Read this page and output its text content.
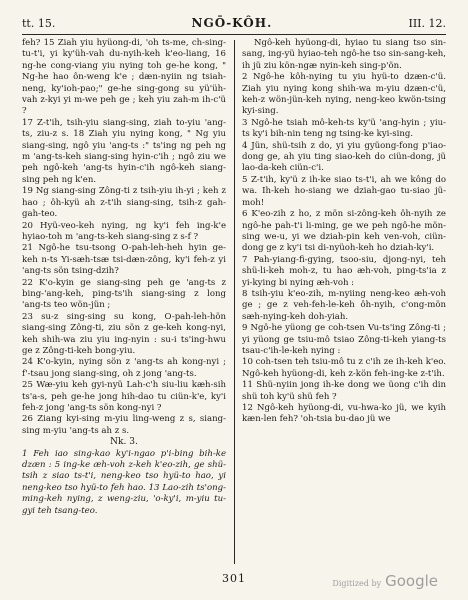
tt. 15.	NGŌ-KÔH.	III. 12.

feh? 15 Ziah yiu hyüong-di, 'oh ts-me, ch-sing-tu-t'i, yi ky'üh-vah du-nyih-keh k'eo-liang, 16 ng-he cong-viang yiu nying toh ge-he kong, " Ng-he hao ôn-weng k'e ; dæn-nyiin ng tsiah-neng, ky'ioh-pao;" ge-he sing-gong su yü'üh-vah z-kyi yi m-we peh ge ; keh yiu zah-m ih-c'ü ?

17 Z-t'ih, tsih-yiu siang-sing, ziah to-yiu 'ang-ts, ziu-z s. 18 Ziah yiu nying kong, " Ng yiu siang-sing, ngô yiu 'ang-ts :" ts'ing ng peh ng m 'ang-ts-keh siang-sing hyin-c'ih ; ngô ziu we peh ngô-keh 'ang-ts hyin-c'ih ngô-keh siang-sing peh ng k'en.

19 Ng siang-sing Zông-ti z tsih-yiu ih-yi ; keh z hao ; ôh-kyü ah z-t'ih siang-sing, tsih-z gah-gah-teo.

20 Hyü-veo-keh nying, ng ky'i feh ing-k'e hyiao-toh m 'ang-ts-keh siang-sing z s-f ?

21 Ngô-he tsu-tsong O-pah-leh-heh hyin ge-keh n-ts Yi-sæh-tsæ tsi-dæn-zông, ky'i feh-z yi 'ang-ts sön tsing-dzih?

22 K'o-kyin ge siang-sing peh ge 'ang-ts z bing-'ang-keh, ping-ts'ih siang-sing z long 'ang-ts teo wön-jün ;

23 su-z sing-sing su kong, O-pah-leh-hön siang-sing Zông-ti, ziu sön z ge-keh kong-nyi, keh shih-wa ziu yiu ing-nyin : su-i ts'ing-hwu ge z Zông-ti-keh bong-yiu.

24 K'o-kyin, nying sön z 'ang-ts ah kong-nyi ; f'-tsau jong siang-sing, oh z jong 'ang-ts.

25 Wæ-yiu keh gyi-nyü Lah-c'h siu-liu kæh-sih ts'a-s, peh ge-he jong hih-dao tu ciün-k'e, ky'i feh-z jong 'ang-ts sön kong-nyi ?

26 Ziang kyi-sing m-yiu ling-weng z s, siang-sing m-yiu 'ang-ts ah z s.

Nk. 3.

1 Feh iao sing-kao ky'i-ngao p'i-bing bih-ke dzæn : 5 ing-ke æh-voh z-keh k'eo-zih, ge shü-tsih z siao ts-t'i, neng-keo tso hyü-to hao, yi neng-keo tso hyü-to feh hao. 13 Lao-zih ts'ong-ming-keh nying, z weng-ziu, 'o-ky'i, m-yiu tu-gyi teh tsang-teo.

Ngô-keh hyüong-di, hyiao tu siang tso sin-sang, ing-yü hyiao-teh ngô-he tso sin-sang-keh, ih jü ziu kön-ngæ nyin-keh sing-p'ön.

2 Ngô-he kôh-nying tu yiu hyü-to dzæn-c'ü. Ziah yiu nying kong shih-wa m-yiu dzæn-c'ü, keh-z wön-jün-keh nying, neng-keo kwön-tsing kyi-sing.

3 Ngô-he tsiah mô-keh-ts ky'ü 'ang-hyin ; yiu-ts ky'i bih-nin teng ng tsing-ke kyi-sing.

4 Jün, shü-tsih z do, yi yiu gyüong-fong p'iao-dong ge, ah yiu ting siao-keh do ciün-dong, jü lao-da-keh ciün-c'i.

5 Z-t'ih, ky'ü z ih-ke siao ts-t'i, ah we kông do wa. Ih-keh ho-siang we dziah-gao tu-siao jü-moh!

6 K'eo-zih z ho, z mön si-zông-keh ôh-nyih ze ngô-he pah-t'i li-ming, ge we peh ngô-he mön-sing we-u, yi we dziah-pin keh ven-voh, ciün-dong ge z ky'i tsi di-nyüoh-keh ho dziah-ky'i.

7 Pah-yiang-fi-gying, tsoo-siu, djong-nyi, teh shü-li-keh moh-z, tu hao æh-voh, ping-ts'ia z yi-kying bi nying æh-voh :

8 tsih-yiu k'eo-zih, m-nyiing neng-keo æh-voh ge ; ge z veh-feh-le-keh ôh-nyih, c'ong-mön sæh-nying-keh doh-yiah.

9 Ngô-he yüong ge coh-tsen Vu-ts'ing Zông-ti ; yi yüong ge tsiu-mô tsiao Zông-ti-keh yiang-ts tsau-c'ih-le-keh nying :

10 coh-tsen teh tsiu-mô tu z c'ih ze ih-keh k'eo. Ngô-keh hyüong-di, keh z-kön feh-ing-ke z-t'ih.

11 Shü-nyiin jong ih-ke dong we üong c'ih din shü toh ky'ü shü feh ?

12 Ngô-keh hyüong-di, vu-hwa-ko jü, we kyih kæn-len feh? 'oh-tsia bu-dao jü we

301	Digitized by Google
